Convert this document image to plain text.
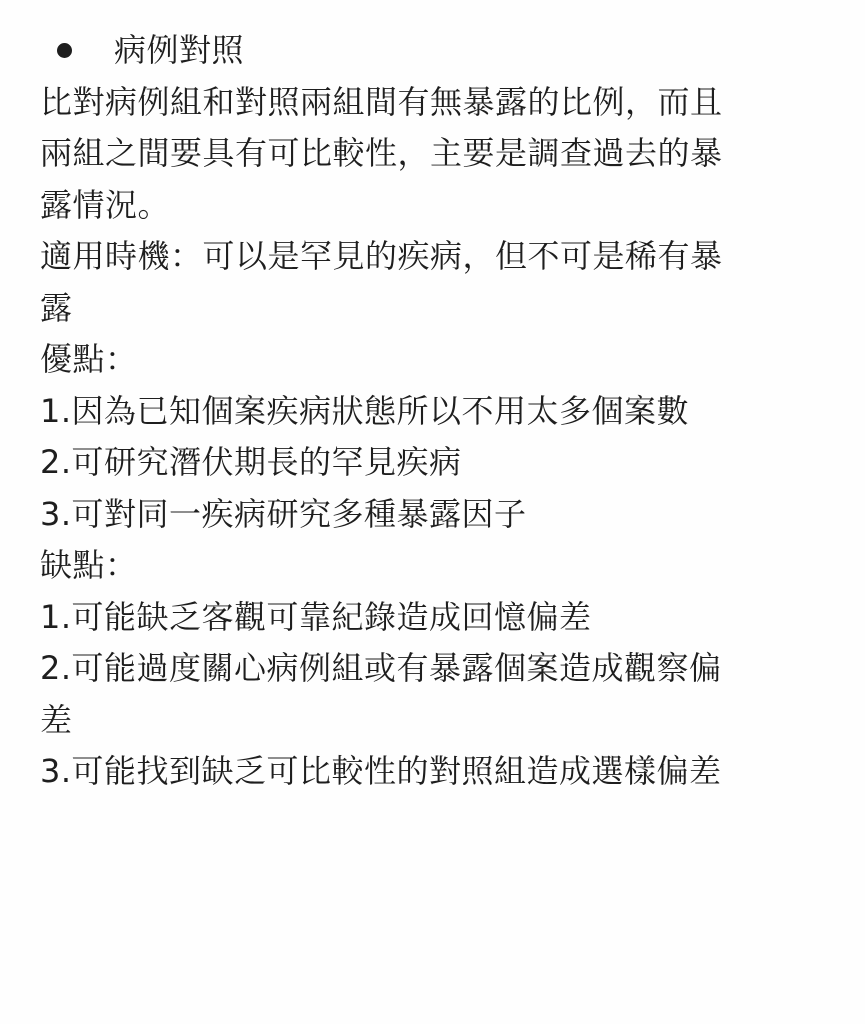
病例對照
比對病例組和對照兩組間有無暴露的比例，而且
兩組之間要具有可比較性，主要是調查過去的暴
露情況。
適用時機：可以是罕見的疾病，但不可是稀有暴
露
優點：
1.因為已知個案疾病狀態所以不用太多個案數
2.可研究潛伏期長的罕見疾病
3.可對同一疾病研究多種暴露因子
缺點：
1.可能缺乏客觀可靠紀錄造成回憶偏差
2.可能過度關心病例組或有暴露個案造成觀察偏
差
3.可能找到缺乏可比較性的對照組造成選樣偏差
